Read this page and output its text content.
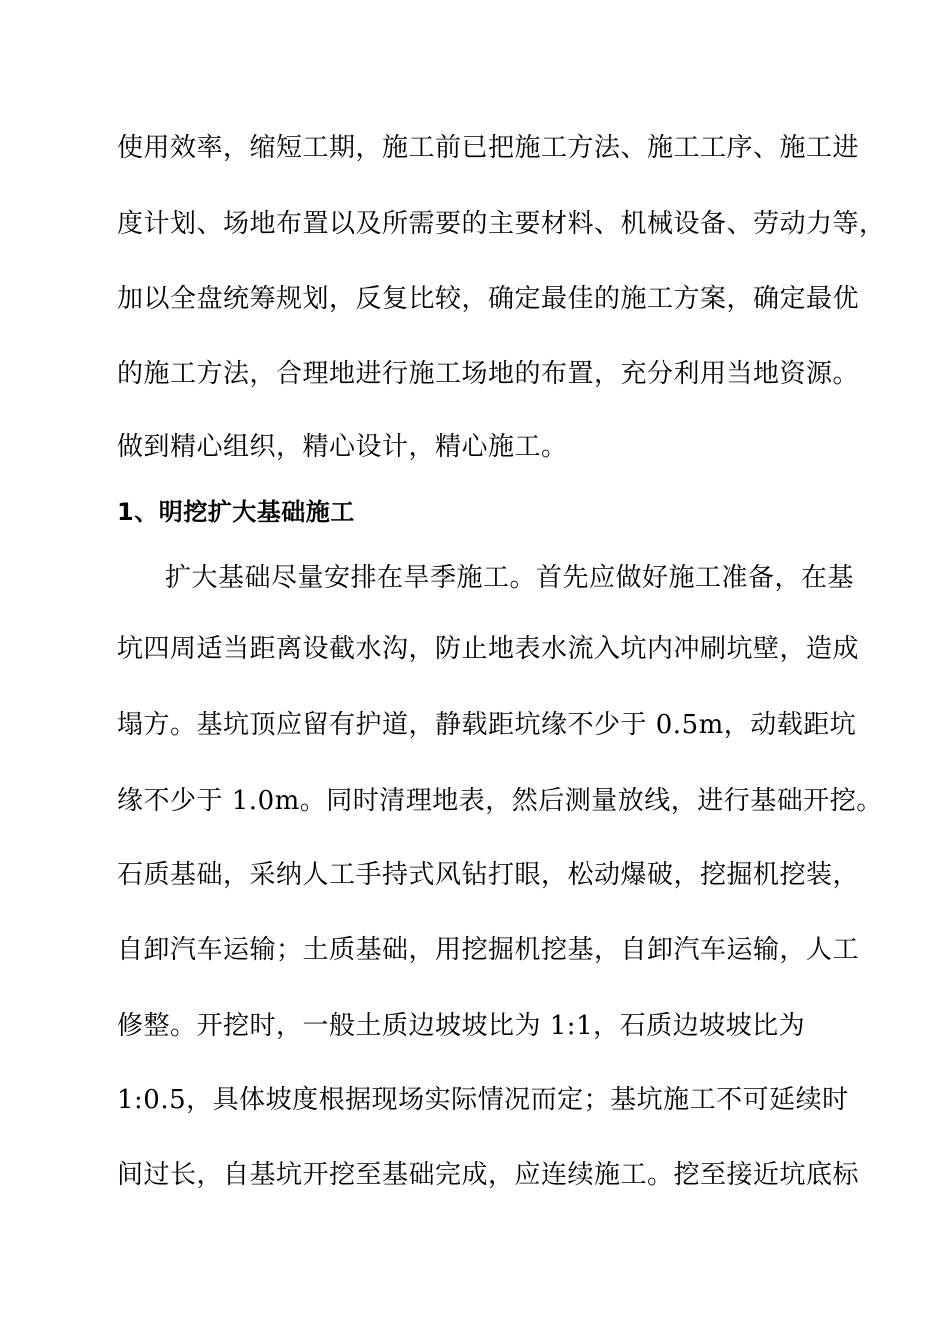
使用效率，缩短工期，施工前已把施工方法、施工工序、施工进
度计划、场地布置以及所需要的主要材料、机械设备、劳动力等，
加以全盘统筹规划，反复比较，确定最佳的施工方案，确定最优
的施工方法，合理地进行施工场地的布置，充分利用当地资源。
做到精心组织，精心设计，精心施工。
1、明挖扩大基础施工
扩大基础尽量安排在旱季施工。首先应做好施工准备，在基
坑四周适当距离设截水沟，防止地表水流入坑内冲刷坑壁，造成
塌方。基坑顶应留有护道，静载距坑缘不少于 0.5m，动载距坑
缘不少于 1.0m。同时清理地表，然后测量放线，进行基础开挖。
石质基础，采纳人工手持式风钻打眼，松动爆破，挖掘机挖装，
自卸汽车运输；土质基础，用挖掘机挖基，自卸汽车运输，人工
修整。开挖时，一般土质边坡坡比为 1:1，石质边坡坡比为
1:0.5，具体坡度根据现场实际情况而定；基坑施工不可延续时
间过长，自基坑开挖至基础完成，应连续施工。挖至接近坑底标
